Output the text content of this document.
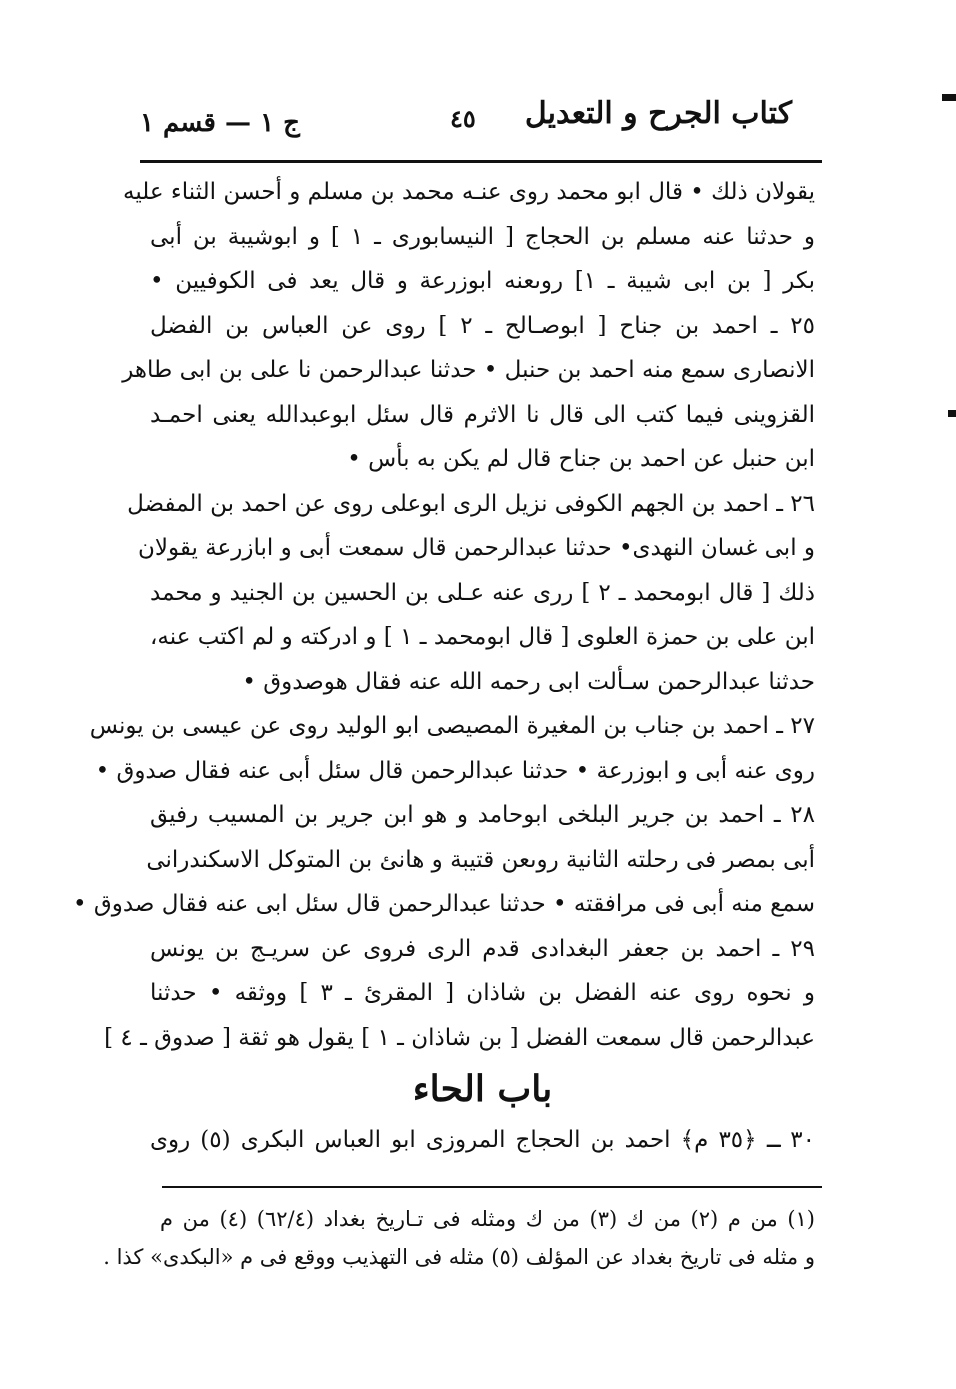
كتاب الجرح و التعديل
٤٥
ج ١ — قسم ١
يقولان ذلك • قال ابو محمد روى عنـه محمد بن مسلم و أحسن الثناء عليه
و حدثنا عنه مسلم بن الحجاج [ النيسابورى ـ ١ ] و ابوشيبة بن أبى
بكر [ بن ابى شيبة ـ ١] روىعنه ابوزرعة و قال يعد فى الكوفيين •
٢٥ ـ احمد بن جناح [ ابوصـالح ـ ٢ ] روى عن العباس بن الفضل
الانصارى سمع منه احمد بن حنبل • حدثنا عبدالرحمن نا على بن ابى طاهر
القزوينى فيما كتب الى قال نا الاثرم قال سئل ابوعبدالله يعنى احمـد
ابن حنبل عن احمد بن جناح قال لم يكن به بأس •
٢٦ ـ احمد بن الجهم الكوفى نزيل الرى ابوعلى روى عن احمد بن المفضل
و ابى غسان النهدى• حدثنا عبدالرحمن قال سمعت أبى و ابازرعة يقولان
ذلك [ قال ابومحمد ـ ٢ ] ررى عنه عـلى بن الحسين بن الجنيد و محمد
ابن على بن حمزة العلوى [ قال ابومحمد ـ ١ ] و ادركته و لم اكتب عنه،
حدثنا عبدالرحمن سـألت ابى رحمه الله عنه فقال هوصدوق •
٢٧ ـ احمد بن جناب بن المغيرة المصيصى ابو الوليد روى عن عيسى بن يونس
روى عنه أبى و ابوزرعة • حدثنا عبدالرحمن قال سئل أبى عنه فقال صدوق •
٢٨ ـ احمد بن جرير البلخى ابوحامد و هو ابن جرير بن المسيب رفيق
أبى بمصر فى رحلته الثانية روىعن قتيبة و هانئ بن المتوكل الاسكندرانى
سمع منه أبى فى مرافقته • حدثنا عبدالرحمن قال سئل ابى عنه فقال صدوق •
٢٩ ـ احمد بن جعفر البغدادى قدم الرى فروى عن سريـج بن يونس
و نحوه روى عنه الفضل بن شاذان [ المقرئ ـ ٣ ] ووثقه • حدثنا
عبدالرحمن قال سمعت الفضل [ بن شاذان ـ ١ ] يقول هو ثقة [ صدوق ـ ٤ ]
باب الحاء
٣٠ ـ ﴿٣٥ م﴾ احمد بن الحجاج المروزى ابو العباس البكرى (٥) روى
(١) من م (٢) من ك (٣) من ك ومثله فى تـاريخ بغداد (٦٢/٤) (٤) من م
و مثله فى تاريخ بغداد عن المؤلف (٥) مثله فى التهذيب ووقع فى م «البكدى» كذا .
